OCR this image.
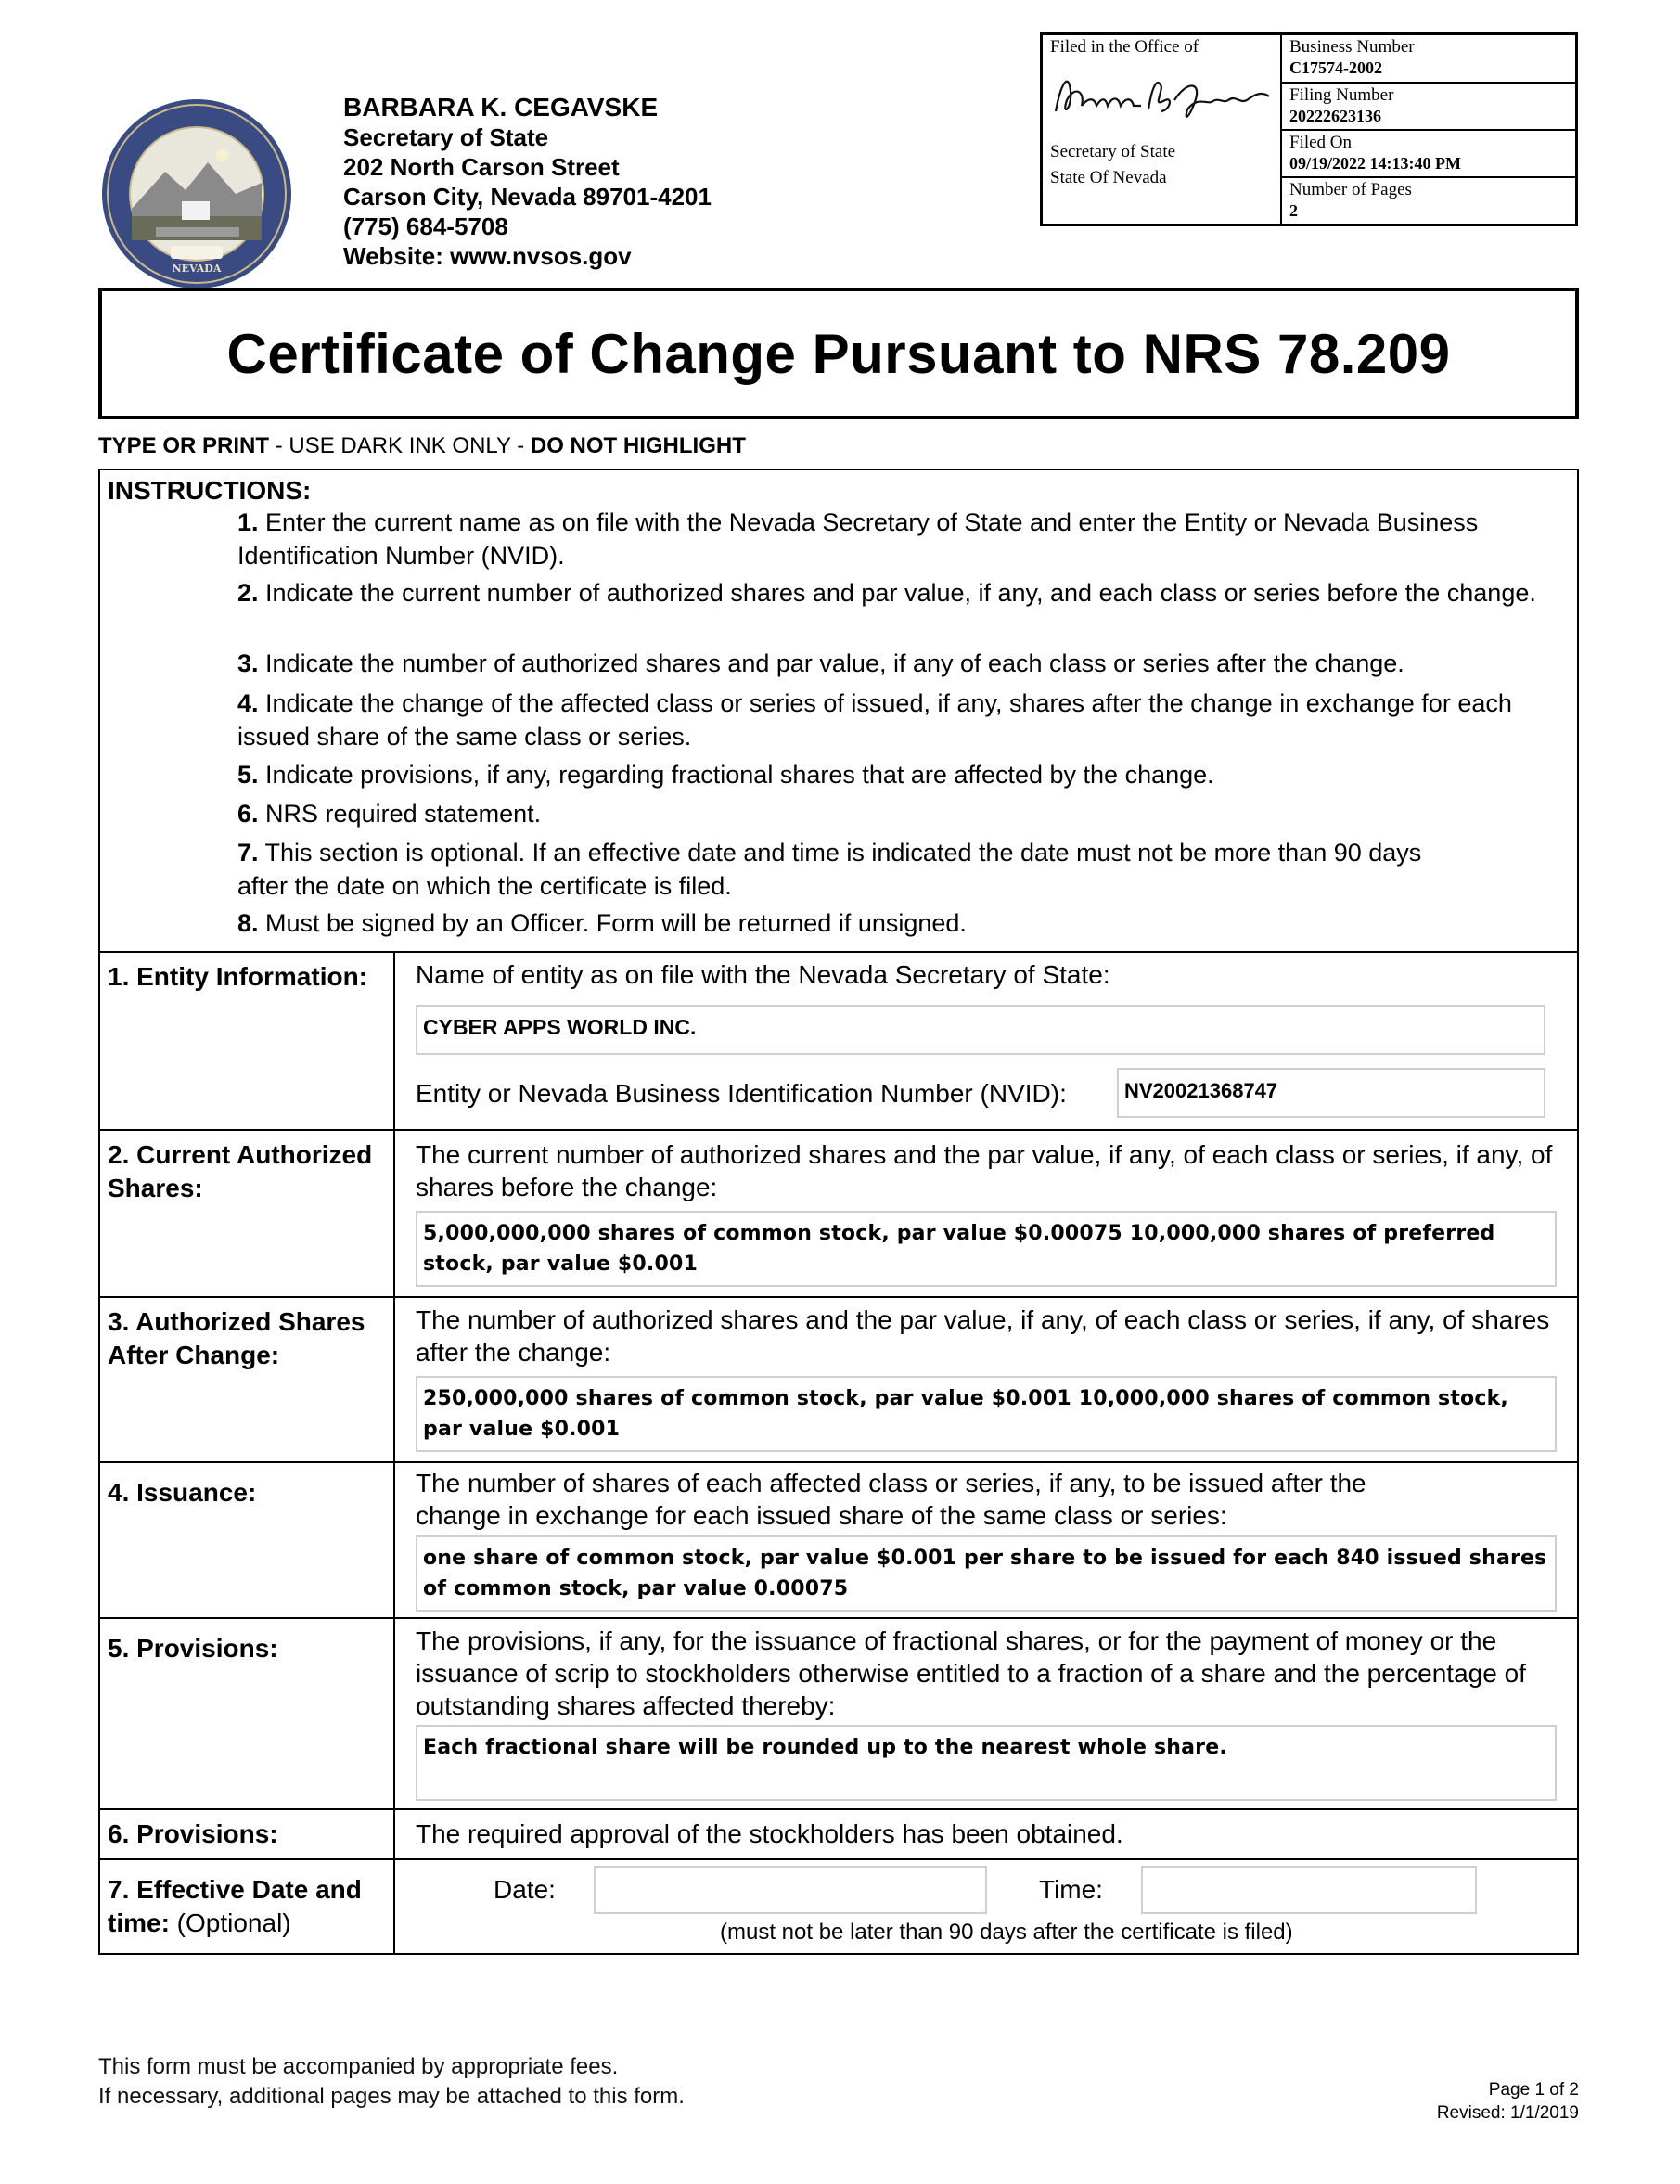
NEVADA
BARBARA K. CEGAVSKE
Secretary of State
202 North Carson Street
Carson City, Nevada 89701-4201
(775) 684-5708
Website: www.nvsos.gov
Filed in the Office of
Secretary of State
State Of Nevada
Business Number
C17574-2002
Filing Number
20222623136
Filed On
09/19/2022 14:13:40 PM
Number of Pages
2
Certificate of Change Pursuant to NRS 78.209
TYPE OR PRINT - USE DARK INK ONLY - DO NOT HIGHLIGHT
INSTRUCTIONS:
1. Enter the current name as on file with the Nevada Secretary of State and enter the Entity or Nevada Business Identification Number (NVID).
2. Indicate the current number of authorized shares and par value, if any, and each class or series before the change.
3. Indicate the number of authorized shares and par value, if any of each class or series after the change.
4. Indicate the change of the affected class or series of issued, if any, shares after the change in exchange for each issued share of the same class or series.
5. Indicate provisions, if any, regarding fractional shares that are affected by the change.
6. NRS required statement.
7. This section is optional. If an effective date and time is indicated the date must not be more than 90 days after the date on which the certificate is filed.
8. Must be signed by an Officer. Form will be returned if unsigned.
1. Entity Information:	Name of entity as on file with the Nevada Secretary of State:
CYBER APPS WORLD INC.
Entity or Nevada Business Identification Number (NVID):	NV20021368747
2. Current Authorized Shares:
The current number of authorized shares and the par value, if any, of each class or series, if any, of shares before the change:
5,000,000,000 shares of common stock, par value $0.00075 10,000,000 shares of preferred stock, par value $0.001
3. Authorized Shares After Change:
The number of authorized shares and the par value, if any, of each class or series, if any, of shares after the change:
250,000,000 shares of common stock, par value $0.001 10,000,000 shares of common stock, par value $0.001
4. Issuance:	The number of shares of each affected class or series, if any, to be issued after the change in exchange for each issued share of the same class or series:
one share of common stock, par value $0.001 per share to be issued for each 840 issued shares of common stock, par value 0.00075
5. Provisions:	The provisions, if any, for the issuance of fractional shares, or for the payment of money or the issuance of scrip to stockholders otherwise entitled to a fraction of a share and the percentage of outstanding shares affected thereby:
Each fractional share will be rounded up to the nearest whole share.
6. Provisions:	The required approval of the stockholders has been obtained.
7. Effective Date and time: (Optional)
Date:	Time:
(must not be later than 90 days after the certificate is filed)
This form must be accompanied by appropriate fees.
If necessary, additional pages may be attached to this form.	Page 1 of 2
Revised: 1/1/2019
